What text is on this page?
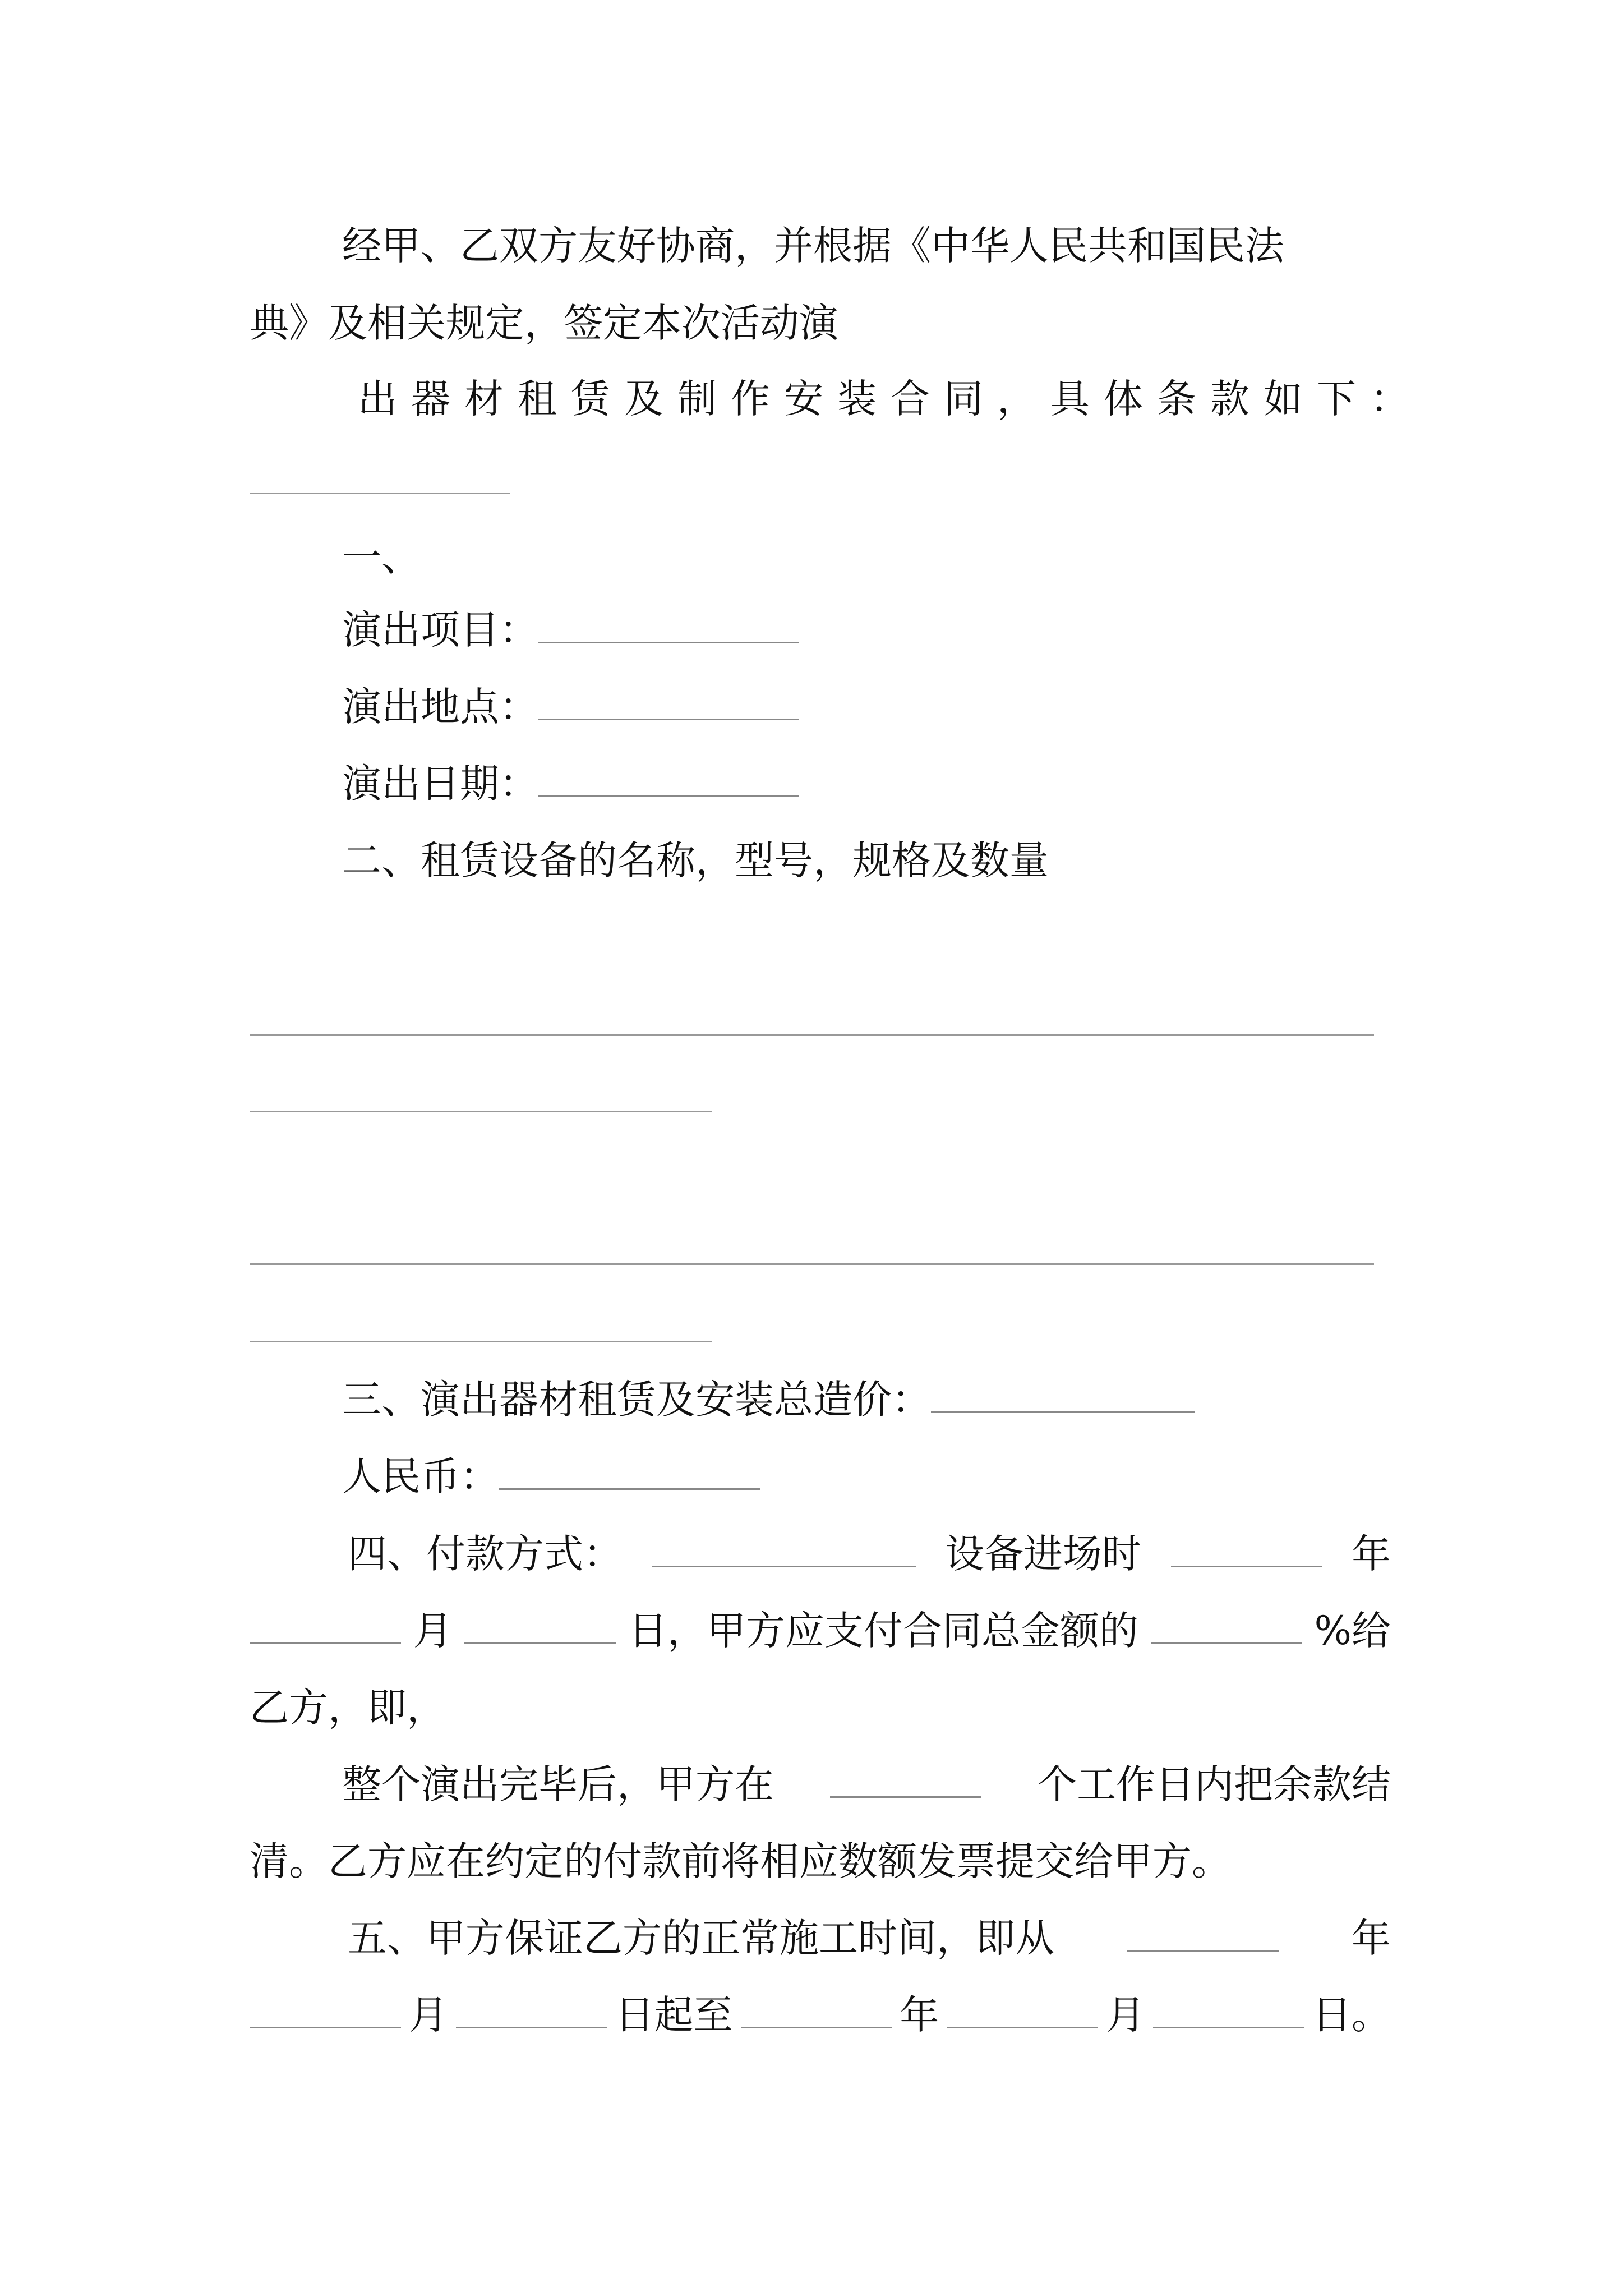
经甲、乙双方友好协商，并根据《中华人民共和国民法
典》及相关规定，签定本次活动演
出器材租赁及制作安装合同，具体条款如下：
一、
演出项目：
演出地点：
演出日期：
二、租赁设备的名称，型号，规格及数量
三、演出器材租赁及安装总造价：
人民币：
四、付款方式：	设备进场时	年
月	日，甲方应支付合同总金额的	%给
乙方，即，
整个演出完毕后，甲方在	个工作日内把余款结
清。乙方应在约定的付款前将相应数额发票提交给甲方。
五、甲方保证乙方的正常施工时间，即从	年
月	日起至	年	月	日。
